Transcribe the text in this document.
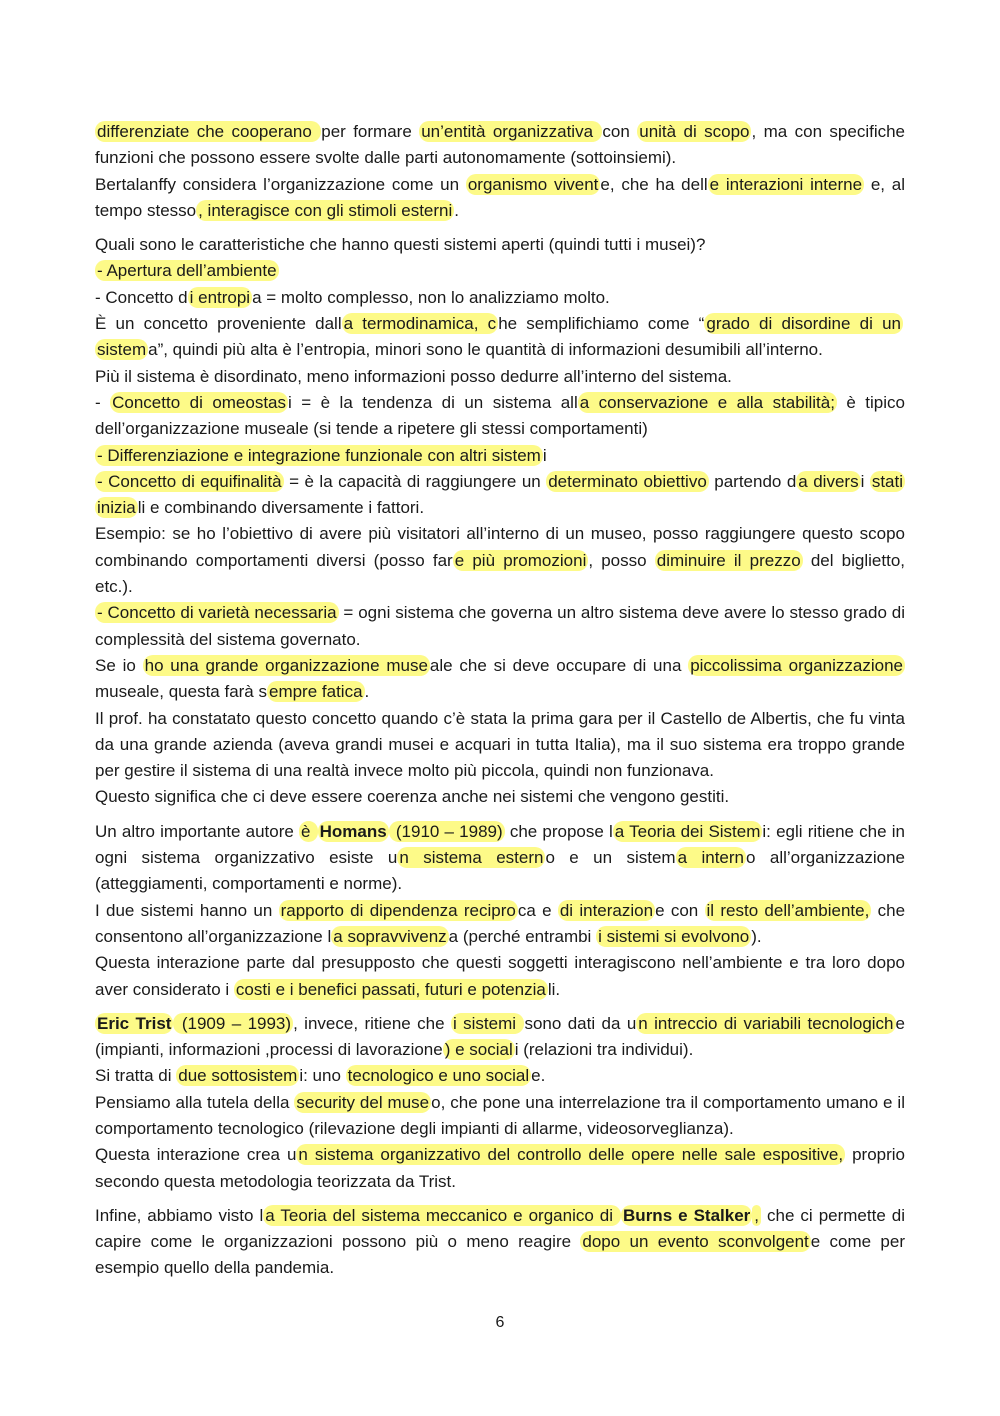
differenziate che cooperano per formare un’entità organizzativa con unità di scopo , ma con specifiche funzioni che possono essere svolte dalle parti autonomamente (sottoinsiemi).

Bertalanffy considera l’organizzazione come un organismo vivent e, che ha dell e interazioni interne e, al tempo stesso , interagisce con gli stimoli esterni .

Quali sono le caratteristiche che hanno questi sistemi aperti (quindi tutti i musei)?

- Apertura dell’ambiente

- Concetto d i entropi a = molto complesso, non lo analizziamo molto.

È un concetto proveniente dall a termodinamica, c he semplifichiamo come “ grado di disordine di un sistem a”, quindi più alta è l’entropia, minori sono le quantità di informazioni desumibili all’interno.

Più il sistema è disordinato, meno informazioni posso dedurre all’interno del sistema.

- Concetto di omeostas i = è la tendenza di un sistema all a conservazione e alla stabilità; è tipico dell’organizzazione museale (si tende a ripetere gli stessi comportamenti)

- Differenziazione e integrazione funzionale con altri sistem i

- Concetto di equifinalità = è la capacità di raggiungere un determinato obiettivo partendo d a divers i stati inizia li e combinando diversamente i fattori.

Esempio: se ho l’obiettivo di avere più visitatori all’interno di un museo, posso raggiungere questo scopo combinando comportamenti diversi (posso far e più promozioni , posso diminuire il prezzo del biglietto, etc.).

- Concetto di varietà necessaria = ogni sistema che governa un altro sistema deve avere lo stesso grado di complessità del sistema governato.

Se io ho una grande organizzazione muse ale che si deve occupare di una piccolissima organizzazione museale, questa farà s empre fatica .

Il prof. ha constatato questo concetto quando c’è stata la prima gara per il Castello de Albertis, che fu vinta da una grande azienda (aveva grandi musei e acquari in tutta Italia), ma il suo sistema era troppo grande per gestire il sistema di una realtà invece molto più piccola, quindi non funzionava.

Questo significa che ci deve essere coerenza anche nei sistemi che vengono gestiti.

Un altro importante autore è Homans (1910 – 1989) che propose l a Teoria dei Sistem i: egli ritiene che in ogni sistema organizzativo esiste u n sistema estern o e un sistem a intern o all’organizzazione (atteggiamenti, comportamenti e norme).

I due sistemi hanno un rapporto di dipendenza recipro ca e di interazion e con il resto dell’ambiente, che consentono all’organizzazione l a sopravvivenz a (perché entrambi i sistemi si evolvono ).

Questa interazione parte dal presupposto che questi soggetti interagiscono nell’ambiente e tra loro dopo aver considerato i costi e i benefici passati, futuri e potenzia li.

Eric Trist (1909 – 1993) , invece, ritiene che i sistemi sono dati da u n intreccio di variabili tecnologich e (impianti, informazioni ,processi di lavorazione ) e social i (relazioni tra individui).

Si tratta di due sottosistem i: uno tecnologico e uno social e.

Pensiamo alla tutela della security del muse o, che pone una interrelazione tra il comportamento umano e il comportamento tecnologico (rilevazione degli impianti di allarme, videosorveglianza).

Questa interazione crea u n sistema organizzativo del controllo delle opere nelle sale espositive, proprio secondo questa metodologia teorizzata da Trist.

Infine, abbiamo visto l a Teoria del sistema meccanico e organico di Burns e Stalker , che ci permette di capire come le organizzazioni possono più o meno reagire dopo un evento sconvolgent e come per esempio quello della pandemia.

6
